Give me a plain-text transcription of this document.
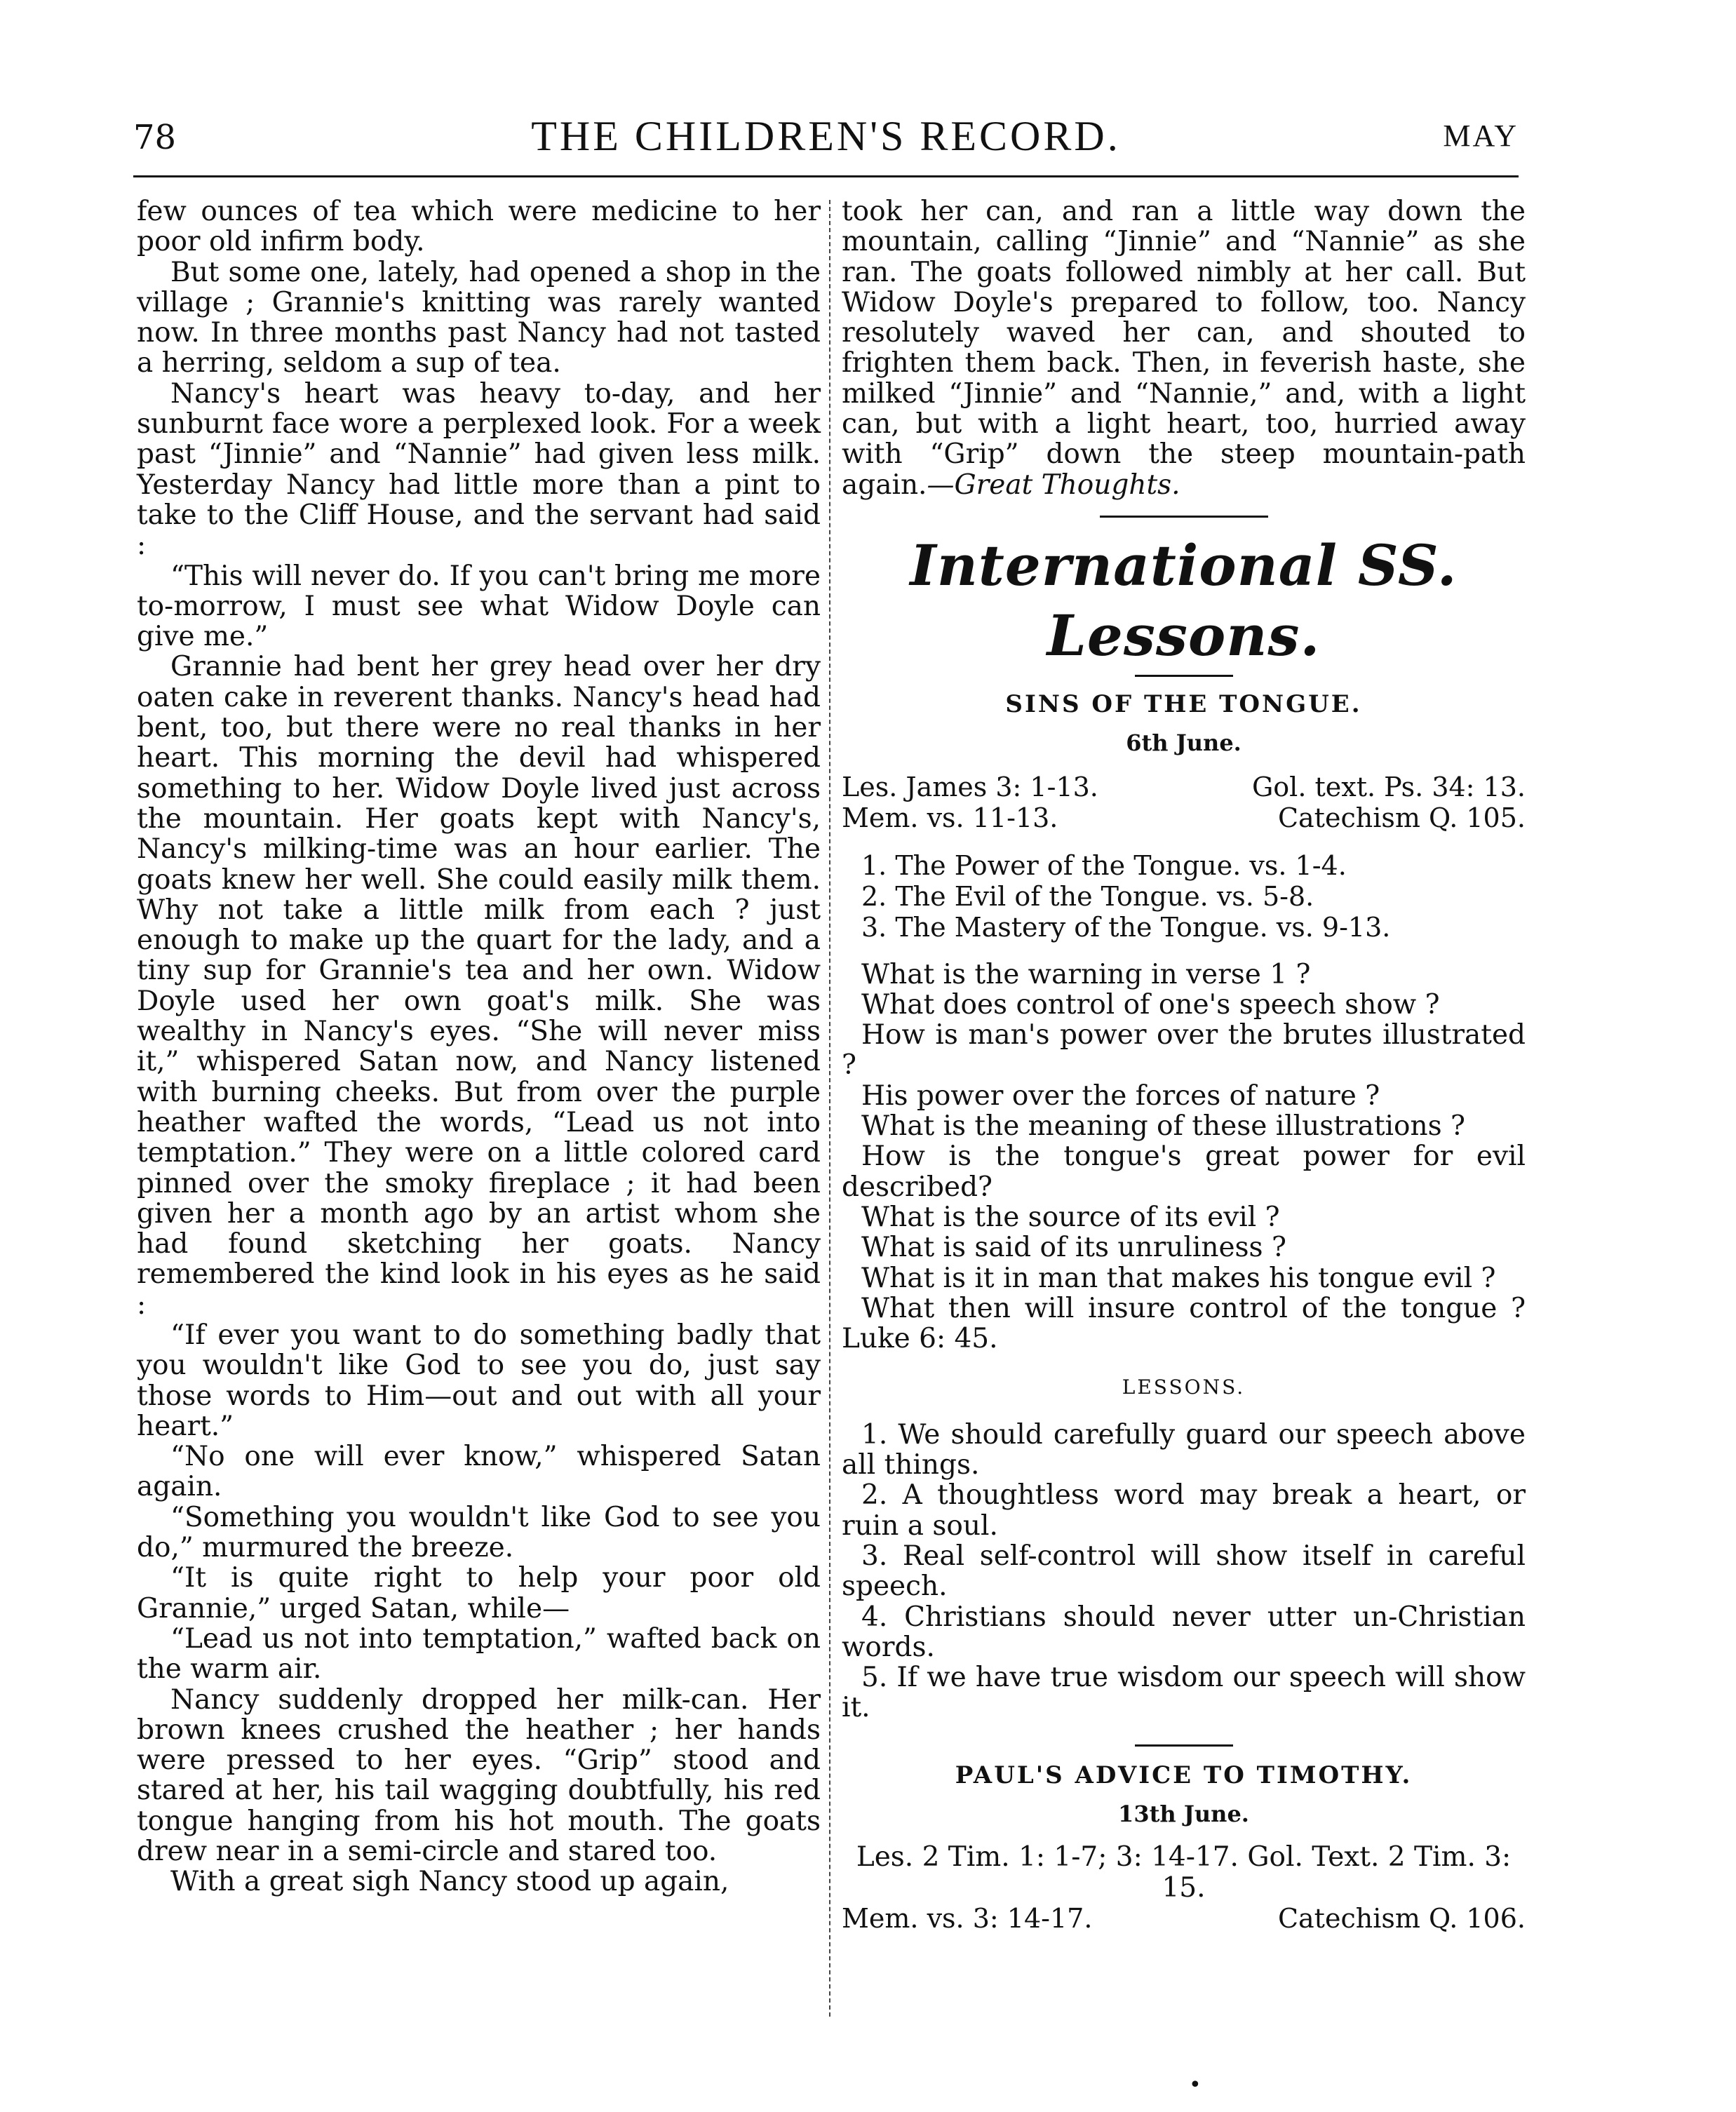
78	THE CHILDREN'S RECORD.	MAY

few ounces of tea which were medicine to her poor old infirm body.

But some one, lately, had opened a shop in the village ; Grannie's knitting was rarely wanted now. In three months past Nancy had not tasted a herring, seldom a sup of tea.

Nancy's heart was heavy to-day, and her sunburnt face wore a perplexed look. For a week past “Jinnie” and “Nannie” had given less milk. Yesterday Nancy had little more than a pint to take to the Cliff House, and the servant had said :

“This will never do. If you can't bring me more to-morrow, I must see what Widow Doyle can give me.”

Grannie had bent her grey head over her dry oaten cake in reverent thanks. Nancy's head had bent, too, but there were no real thanks in her heart. This morning the devil had whispered something to her. Widow Doyle lived just across the mountain. Her goats kept with Nancy's, Nancy's milking-time was an hour earlier. The goats knew her well. She could easily milk them. Why not take a little milk from each ? just enough to make up the quart for the lady, and a tiny sup for Grannie's tea and her own. Widow Doyle used her own goat's milk. She was wealthy in Nancy's eyes. “She will never miss it,” whispered Satan now, and Nancy listened with burning cheeks. But from over the purple heather wafted the words, “Lead us not into temptation.” They were on a little colored card pinned over the smoky fireplace ; it had been given her a month ago by an artist whom she had found sketching her goats. Nancy remembered the kind look in his eyes as he said :

“If ever you want to do something badly that you wouldn't like God to see you do, just say those words to Him—out and out with all your heart.”

“No one will ever know,” whispered Satan again.

“Something you wouldn't like God to see you do,” murmured the breeze.

“It is quite right to help your poor old Grannie,” urged Satan, while—

“Lead us not into temptation,” wafted back on the warm air.

Nancy suddenly dropped her milk-can. Her brown knees crushed the heather ; her hands were pressed to her eyes. “Grip” stood and stared at her, his tail wagging doubtfully, his red tongue hanging from his hot mouth. The goats drew near in a semi-circle and stared too.

With a great sigh Nancy stood up again,

took her can, and ran a little way down the mountain, calling “Jinnie” and “Nannie” as she ran. The goats followed nimbly at her call. But Widow Doyle's prepared to follow, too. Nancy resolutely waved her can, and shouted to frighten them back. Then, in feverish haste, she milked “Jinnie” and “Nannie,” and, with a light can, but with a light heart, too, hurried away with “Grip” down the steep mountain-path again.—Great Thoughts.

International SS. Lessons.
SINS OF THE TONGUE.
6th June.
Les. James 3: 1-13.	Gol. text. Ps. 34: 13.
Mem. vs. 11-13.	Catechism Q. 105.
1. The Power of the Tongue. vs. 1-4.
2. The Evil of the Tongue. vs. 5-8.
3. The Mastery of the Tongue. vs. 9-13.

What is the warning in verse 1 ?

What does control of one's speech show ?

How is man's power over the brutes illustrated ?

His power over the forces of nature ?

What is the meaning of these illustrations ?

How is the tongue's great power for evil described?

What is the source of its evil ?

What is said of its unruliness ?

What is it in man that makes his tongue evil ?

What then will insure control of the tongue ? Luke 6: 45.

LESSONS.

1. We should carefully guard our speech above all things.

2. A thoughtless word may break a heart, or ruin a soul.

3. Real self-control will show itself in careful speech.

4. Christians should never utter un-Christian words.

5. If we have true wisdom our speech will show it.

PAUL'S ADVICE TO TIMOTHY.
13th June.

Les. 2 Tim. 1: 1-7; 3: 14-17. Gol. Text. 2 Tim. 3: 15.

Mem. vs. 3: 14-17.	Catechism Q. 106.
•
